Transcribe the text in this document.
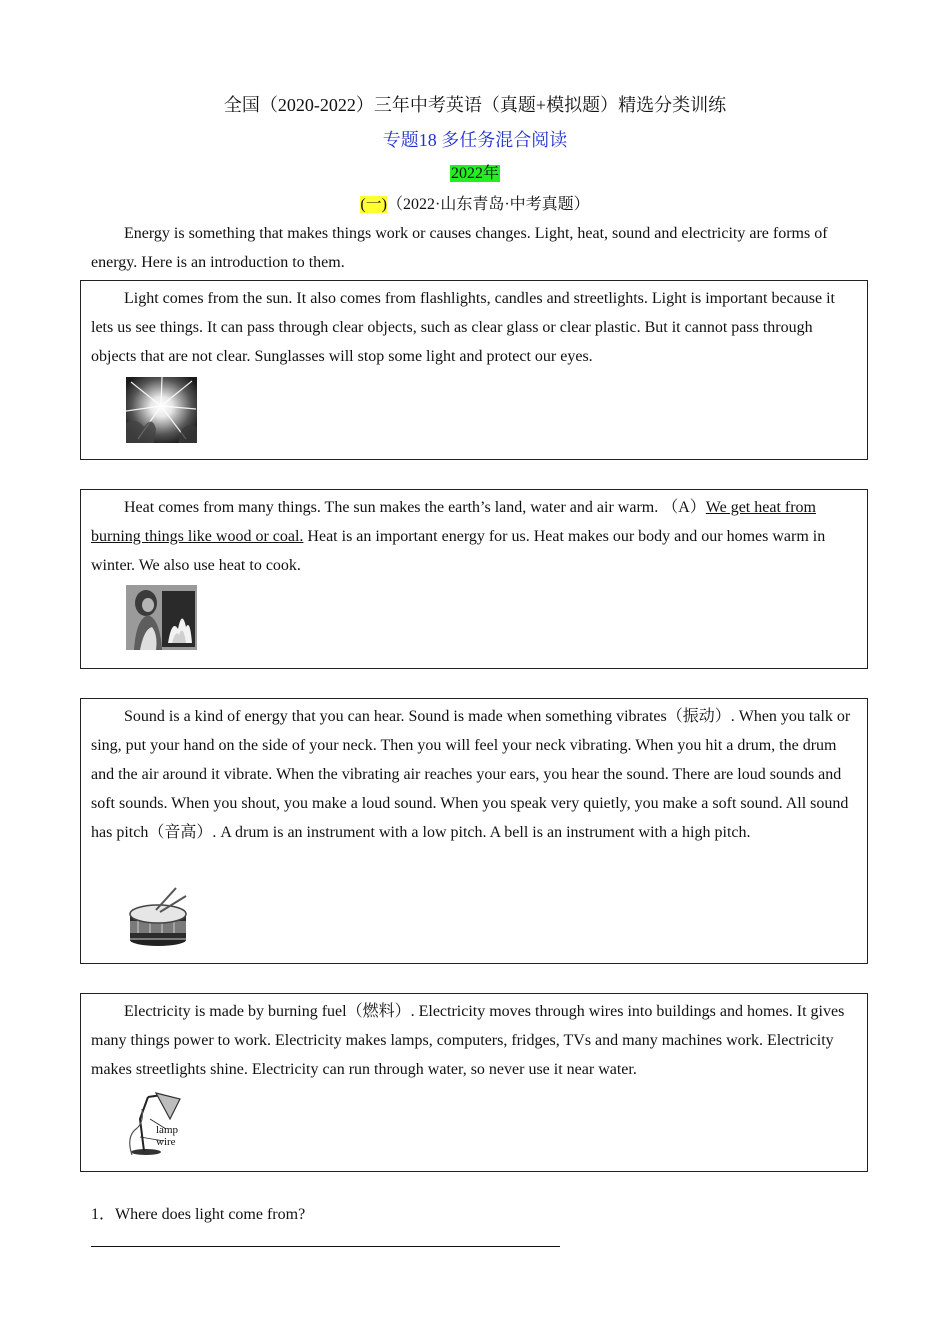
全国（2020-2022）三年中考英语（真题+模拟题）精选分类训练
专题18 多任务混合阅读
2022年
(一)（2022·山东青岛·中考真题）
Energy is something that makes things work or causes changes. Light, heat, sound and electricity are forms of energy. Here is an introduction to them.

Light comes from the sun. It also comes from flashlights, candles and streetlights. Light is important because it lets us see things. It can pass through clear objects, such as clear glass or clear plastic. But it cannot pass through objects that are not clear. Sunglasses will stop some light and protect our eyes.

Heat comes from many things. The sun makes the earth’s land, water and air warm. （A）We get heat from burning things like wood or coal. Heat is an important energy for us. Heat makes our body and our homes warm in winter. We also use heat to cook.

Sound is a kind of energy that you can hear. Sound is made when something vibrates（振动）. When you talk or sing, put your hand on the side of your neck. Then you will feel your neck vibrating. When you hit a drum, the drum and the air around it vibrate. When the vibrating air reaches your ears, you hear the sound. There are loud sounds and soft sounds. When you shout, you make a loud sound. When you speak very quietly, you make a soft sound. All sound has pitch（音高）. A drum is an instrument with a low pitch. A bell is an instrument with a high pitch.

Electricity is made by burning fuel（燃料）. Electricity moves through wires into buildings and homes. It gives many things power to work. Electricity makes lamps, computers, fridges, TVs and many machines work. Electricity makes streetlights shine. Electricity can run through water, so never use it near water.

lamp
wire
1．Where does light come from?
